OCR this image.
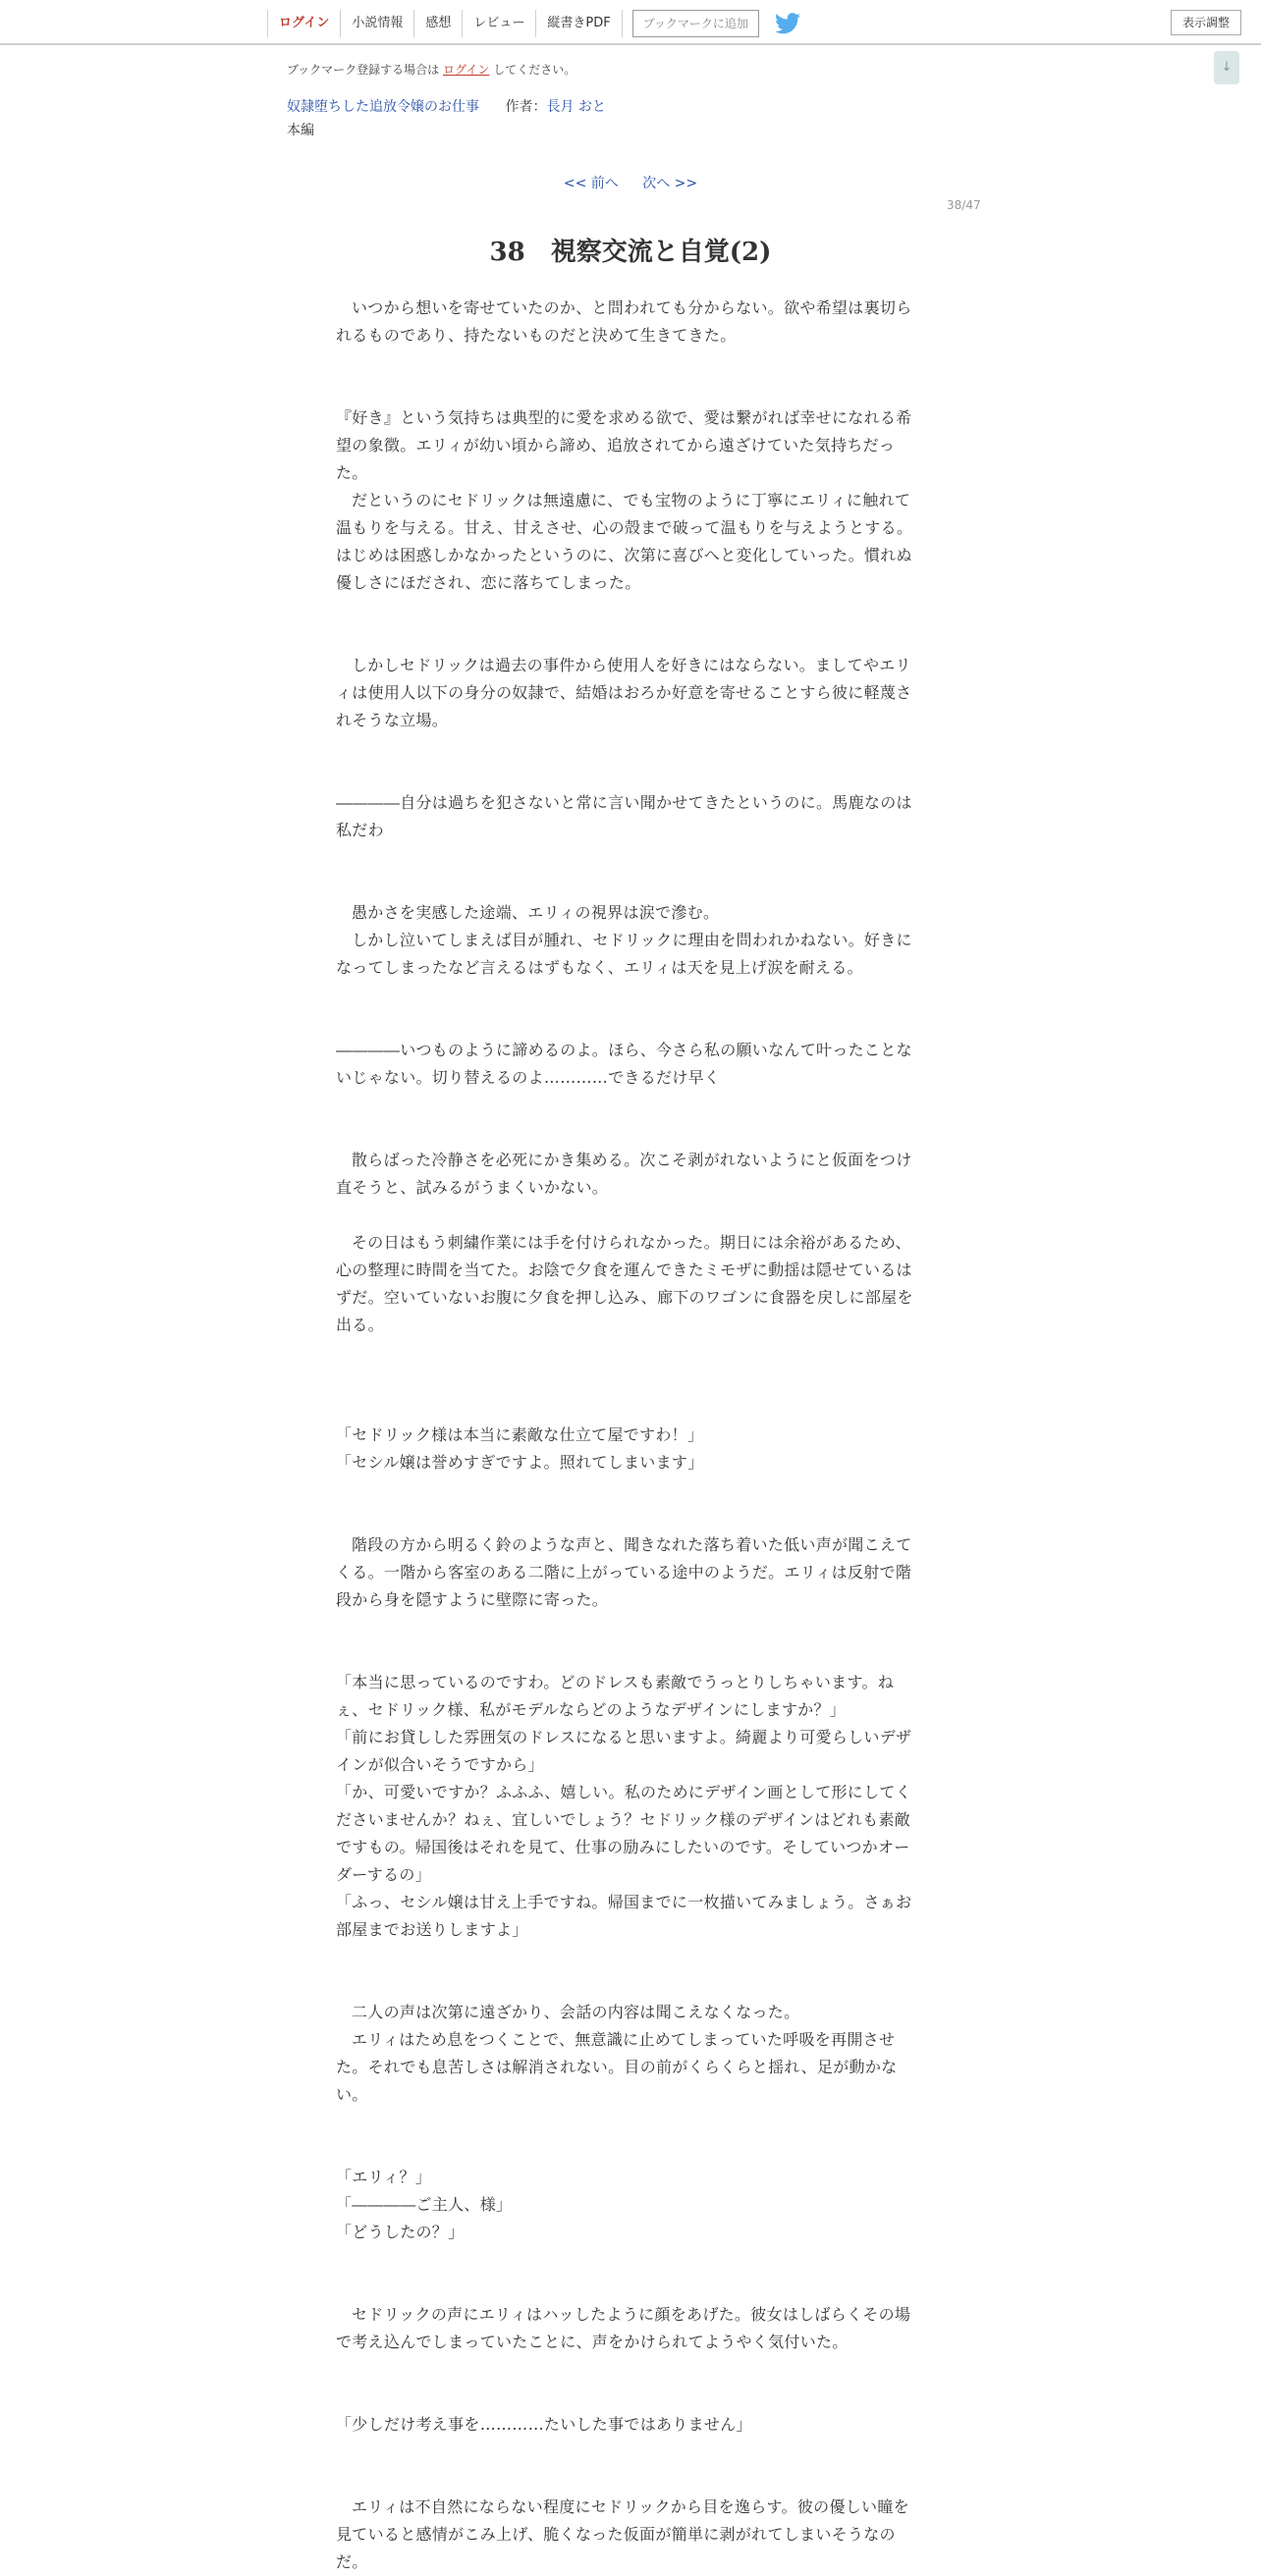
ログイン	小説情報	感想	レビュー	縦書きPDF	ブックマークに追加	表示調整
↓
ブックマーク登録する場合は ログイン してください。
奴隷堕ちした追放令嬢のお仕事 作者：長月 おと
本編
<< 前へ 次へ >>
38/47
38　視察交流と自覚(2)

いつから想いを寄せていたのか、と問われても分からない。欲や希望は裏切られるものであり、持たないものだと決めて生きてきた。

『好き』という気持ちは典型的に愛を求める欲で、愛は繋がれば幸せになれる希望の象徴。エリィが幼い頃から諦め、追放されてから遠ざけていた気持ちだった。

だというのにセドリックは無遠慮に、でも宝物のように丁寧にエリィに触れて温もりを与える。甘え、甘えさせ、心の殻まで破って温もりを与えようとする。はじめは困惑しかなかったというのに、次第に喜びへと変化していった。慣れぬ優しさにほだされ、恋に落ちてしまった。

しかしセドリックは過去の事件から使用人を好きにはならない。ましてやエリィは使用人以下の身分の奴隷で、結婚はおろか好意を寄せることすら彼に軽蔑されそうな立場。

――――自分は過ちを犯さないと常に言い聞かせてきたというのに。馬鹿なのは私だわ

愚かさを実感した途端、エリィの視界は涙で滲む。

しかし泣いてしまえば目が腫れ、セドリックに理由を問われかねない。好きになってしまったなど言えるはずもなく、エリィは天を見上げ涙を耐える。

――――いつものように諦めるのよ。ほら、今さら私の願いなんて叶ったことないじゃない。切り替えるのよ…………できるだけ早く

散らばった冷静さを必死にかき集める。次こそ剥がれないようにと仮面をつけ直そうと、試みるがうまくいかない。

その日はもう刺繍作業には手を付けられなかった。期日には余裕があるため、心の整理に時間を当てた。お陰で夕食を運んできたミモザに動揺は隠せているはずだ。空いていないお腹に夕食を押し込み、廊下のワゴンに食器を戻しに部屋を出る。

「セドリック様は本当に素敵な仕立て屋ですわ！」

「セシル嬢は誉めすぎですよ。照れてしまいます」

階段の方から明るく鈴のような声と、聞きなれた落ち着いた低い声が聞こえてくる。一階から客室のある二階に上がっている途中のようだ。エリィは反射で階段から身を隠すように壁際に寄った。

「本当に思っているのですわ。どのドレスも素敵でうっとりしちゃいます。ねぇ、セドリック様、私がモデルならどのようなデザインにしますか？」

「前にお貸しした雰囲気のドレスになると思いますよ。綺麗より可愛らしいデザインが似合いそうですから」

「か、可愛いですか？ふふふ、嬉しい。私のためにデザイン画として形にしてくださいませんか？ねぇ、宜しいでしょう？セドリック様のデザインはどれも素敵ですもの。帰国後はそれを見て、仕事の励みにしたいのです。そしていつかオーダーするの」

「ふっ、セシル嬢は甘え上手ですね。帰国までに一枚描いてみましょう。さぁお部屋までお送りしますよ」

二人の声は次第に遠ざかり、会話の内容は聞こえなくなった。

エリィはため息をつくことで、無意識に止めてしまっていた呼吸を再開させた。それでも息苦しさは解消されない。目の前がくらくらと揺れ、足が動かない。

「エリィ？」

「――――ご主人、様」

「どうしたの？」

セドリックの声にエリィはハッしたように顔をあげた。彼女はしばらくその場で考え込んでしまっていたことに、声をかけられてようやく気付いた。

「少しだけ考え事を…………たいした事ではありません」

エリィは不自然にならない程度にセドリックから目を逸らす。彼の優しい瞳を見ていると感情がこみ上げ、脆くなった仮面が簡単に剥がれてしまいそうなのだ。
